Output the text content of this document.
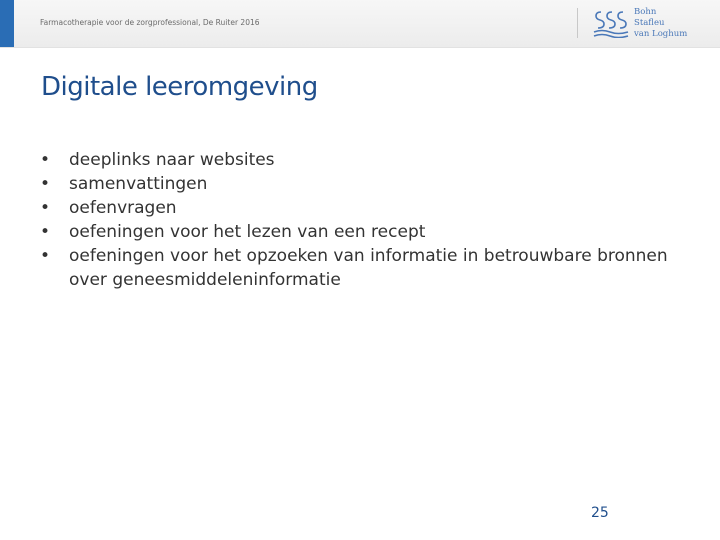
Farmacotherapie voor de zorgprofessional, De Ruiter 2016
Bohn
Stafleu
van Loghum
Digitale leeromgeving
• deeplinks naar websites
• samenvattingen
• oefenvragen
• oefeningen voor het lezen van een recept
• oefeningen voor het opzoeken van informatie in betrouwbare bronnen over geneesmiddeleninformatie
25
